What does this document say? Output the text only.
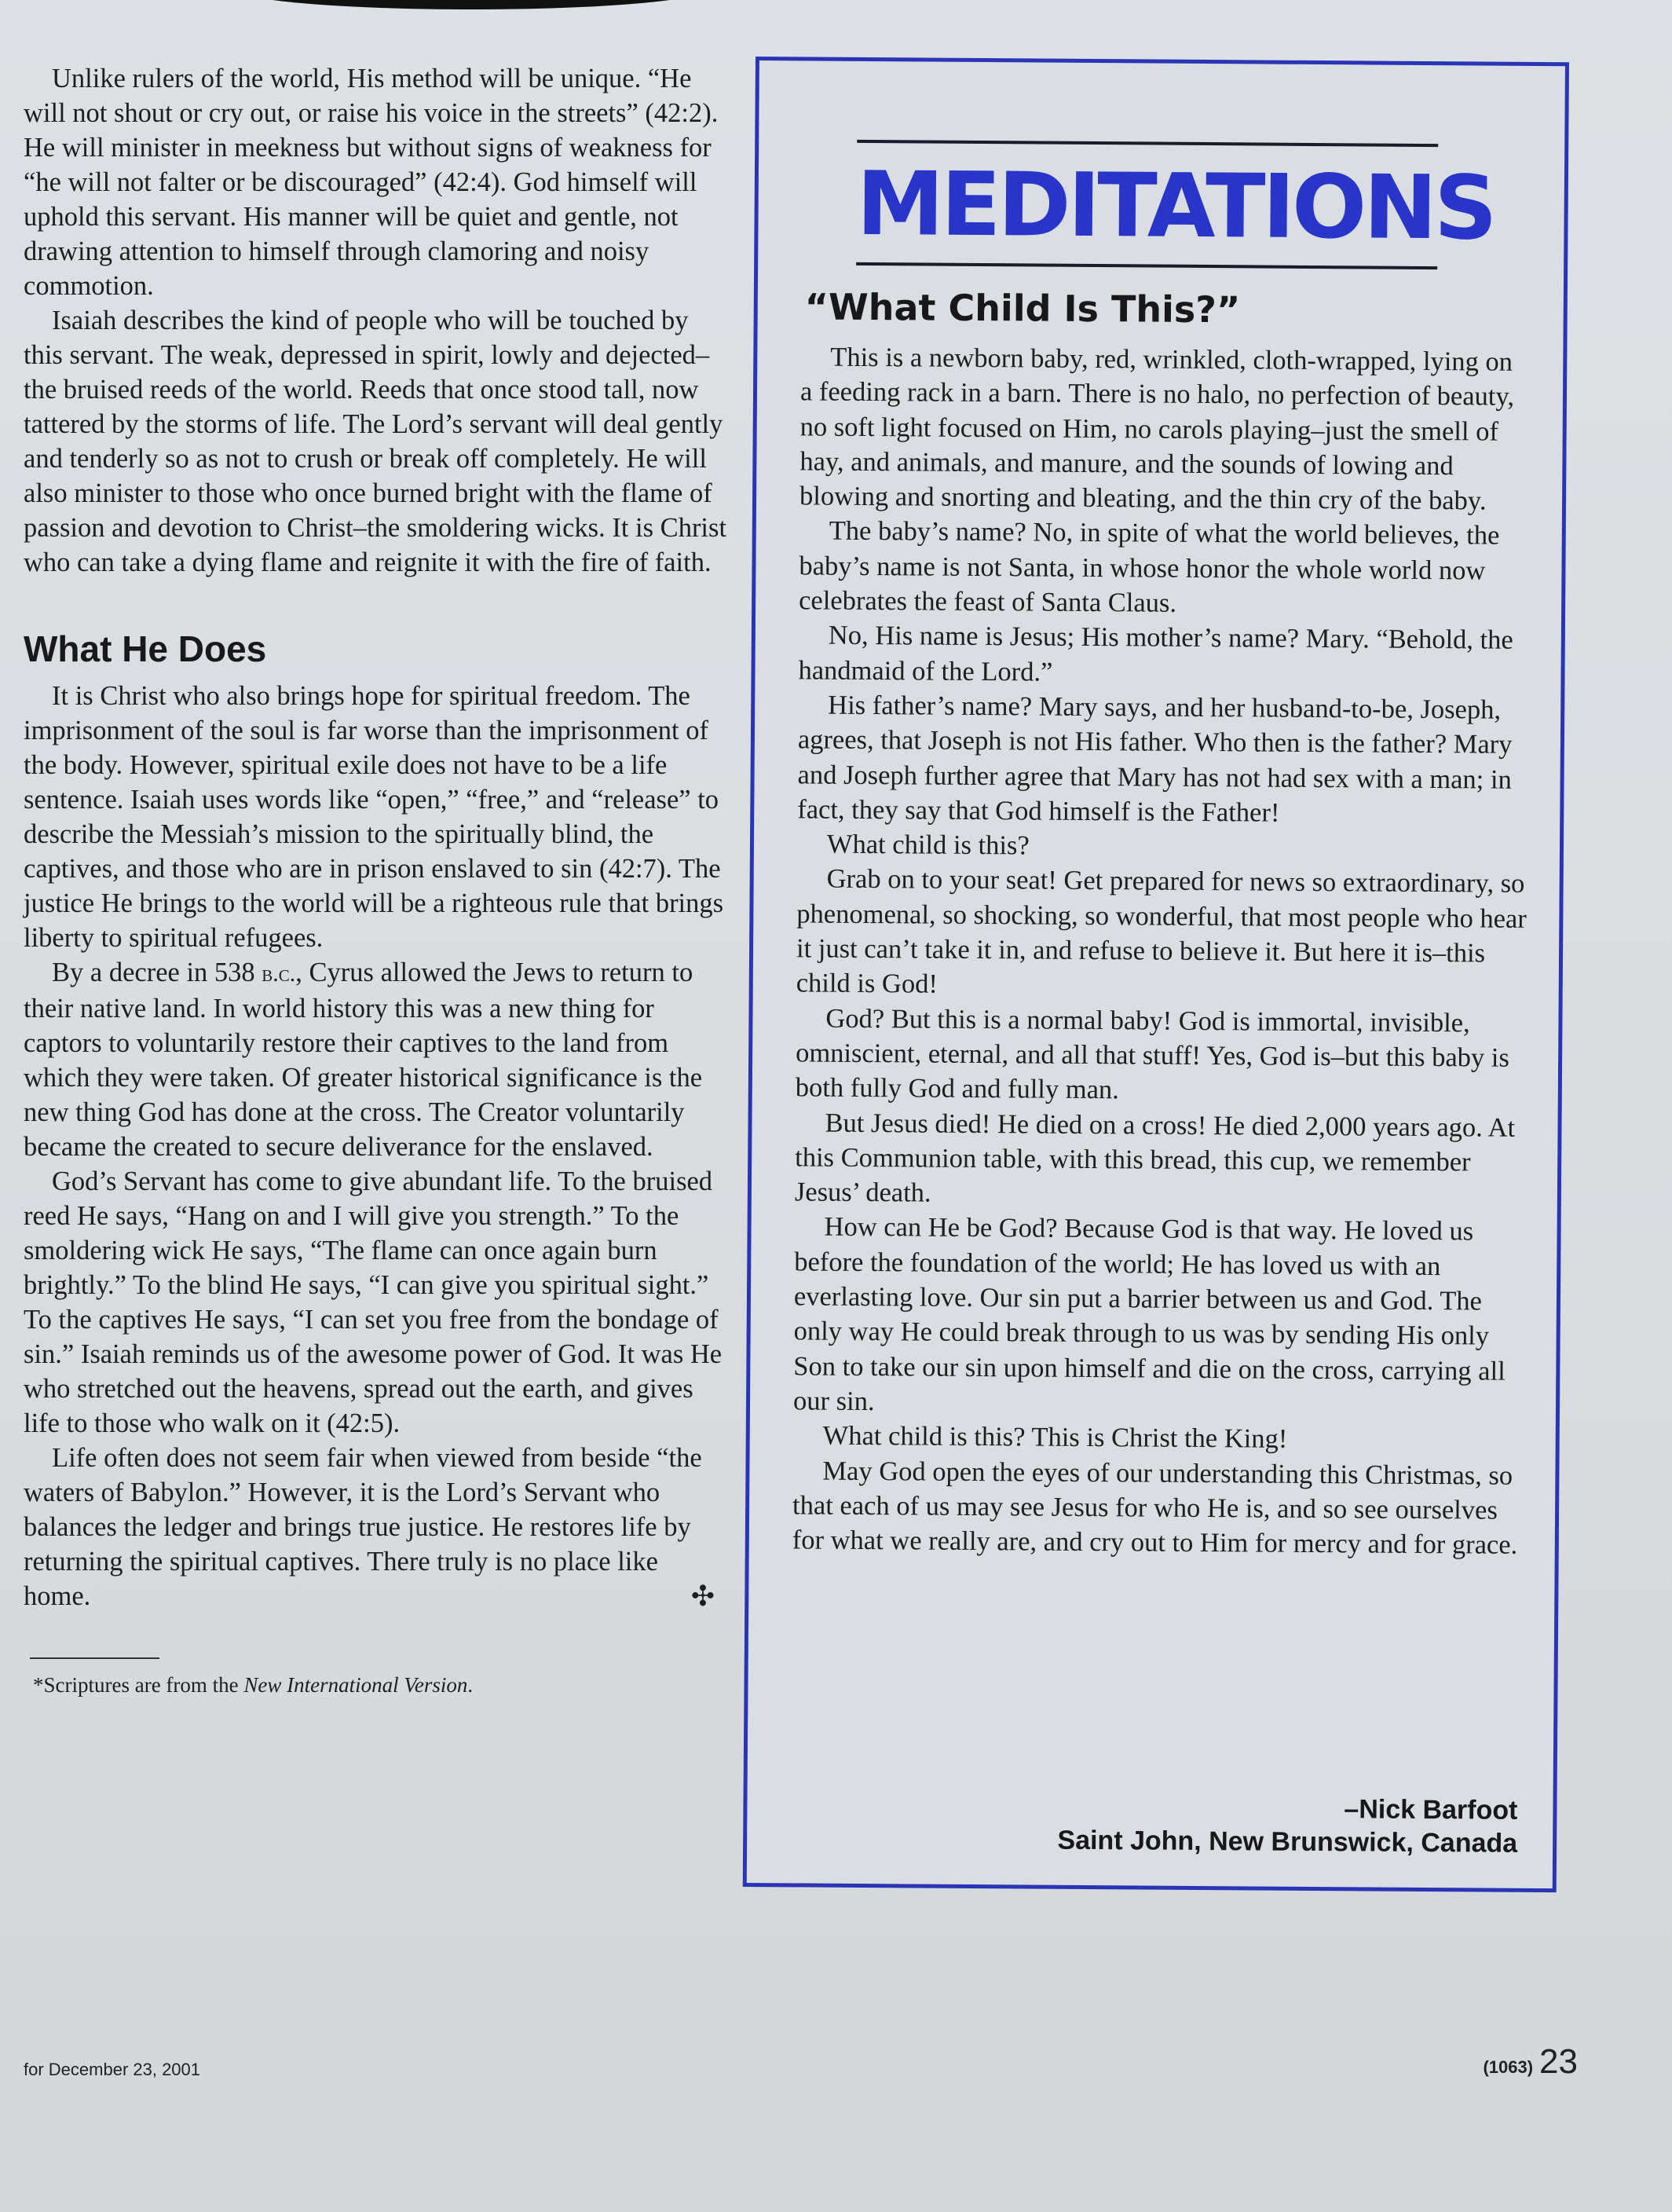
Unlike rulers of the world, His method will be unique. “He will not shout or cry out, or raise his voice in the streets” (42:2). He will minister in meekness but without signs of weakness for “he will not falter or be discouraged” (42:4). God himself will uphold this servant. His manner will be quiet and gentle, not drawing attention to himself through clamoring and noisy commotion.

Isaiah describes the kind of people who will be touched by this servant. The weak, depressed in spirit, lowly and dejected–the bruised reeds of the world. Reeds that once stood tall, now tattered by the storms of life. The Lord’s servant will deal gently and tenderly so as not to crush or break off completely. He will also minister to those who once burned bright with the flame of passion and devotion to Christ–the smoldering wicks. It is Christ who can take a dying flame and reignite it with the fire of faith.

What He Does

It is Christ who also brings hope for spiritual freedom. The imprisonment of the soul is far worse than the imprisonment of the body. However, spiritual exile does not have to be a life sentence. Isaiah uses words like “open,” “free,” and “release” to describe the Messiah’s mission to the spiritually blind, the captives, and those who are in prison enslaved to sin (42:7). The justice He brings to the world will be a righteous rule that brings liberty to spiritual refugees.

By a decree in 538 b.c., Cyrus allowed the Jews to return to their native land. In world history this was a new thing for captors to voluntarily restore their captives to the land from which they were taken. Of greater historical significance is the new thing God has done at the cross. The Creator voluntarily became the created to secure deliverance for the enslaved.

God’s Servant has come to give abundant life. To the bruised reed He says, “Hang on and I will give you strength.” To the smoldering wick He says, “The flame can once again burn brightly.” To the blind He says, “I can give you spiritual sight.” To the captives He says, “I can set you free from the bondage of sin.” Isaiah reminds us of the awesome power of God. It was He who stretched out the heavens, spread out the earth, and gives life to those who walk on it (42:5).

Life often does not seem fair when viewed from beside “the waters of Babylon.” However, it is the Lord’s Servant who balances the ledger and brings true justice. He restores life by returning the spiritual captives. There truly is no place like home.	✣

*Scriptures are from the New International Version.
MEDITATIONS
“What Child Is This?”

This is a newborn baby, red, wrinkled, cloth-wrapped, lying on a feeding rack in a barn. There is no halo, no perfection of beauty, no soft light focused on Him, no carols playing–just the smell of hay, and animals, and manure, and the sounds of lowing and blowing and snorting and bleating, and the thin cry of the baby.

The baby’s name? No, in spite of what the world believes, the baby’s name is not Santa, in whose honor the whole world now celebrates the feast of Santa Claus.

No, His name is Jesus; His mother’s name? Mary. “Behold, the handmaid of the Lord.”

His father’s name? Mary says, and her husband-to-be, Joseph, agrees, that Joseph is not His father. Who then is the father? Mary and Joseph further agree that Mary has not had sex with a man; in fact, they say that God himself is the Father!

What child is this?

Grab on to your seat! Get prepared for news so extraordinary, so phenomenal, so shocking, so wonderful, that most people who hear it just can’t take it in, and refuse to believe it. But here it is–this child is God!

God? But this is a normal baby! God is immortal, invisible, omniscient, eternal, and all that stuff! Yes, God is–but this baby is both fully God and fully man.

But Jesus died! He died on a cross! He died 2,000 years ago. At this Communion table, with this bread, this cup, we remember Jesus’ death.

How can He be God? Because God is that way. He loved us before the foundation of the world; He has loved us with an everlasting love. Our sin put a barrier between us and God. The only way He could break through to us was by sending His only Son to take our sin upon himself and die on the cross, carrying all our sin.

What child is this? This is Christ the King!

May God open the eyes of our understanding this Christmas, so that each of us may see Jesus for who He is, and so see ourselves for what we really are, and cry out to Him for mercy and for grace.

–Nick Barfoot
Saint John, New Brunswick, Canada
for December 23, 2001	(1063) 23
